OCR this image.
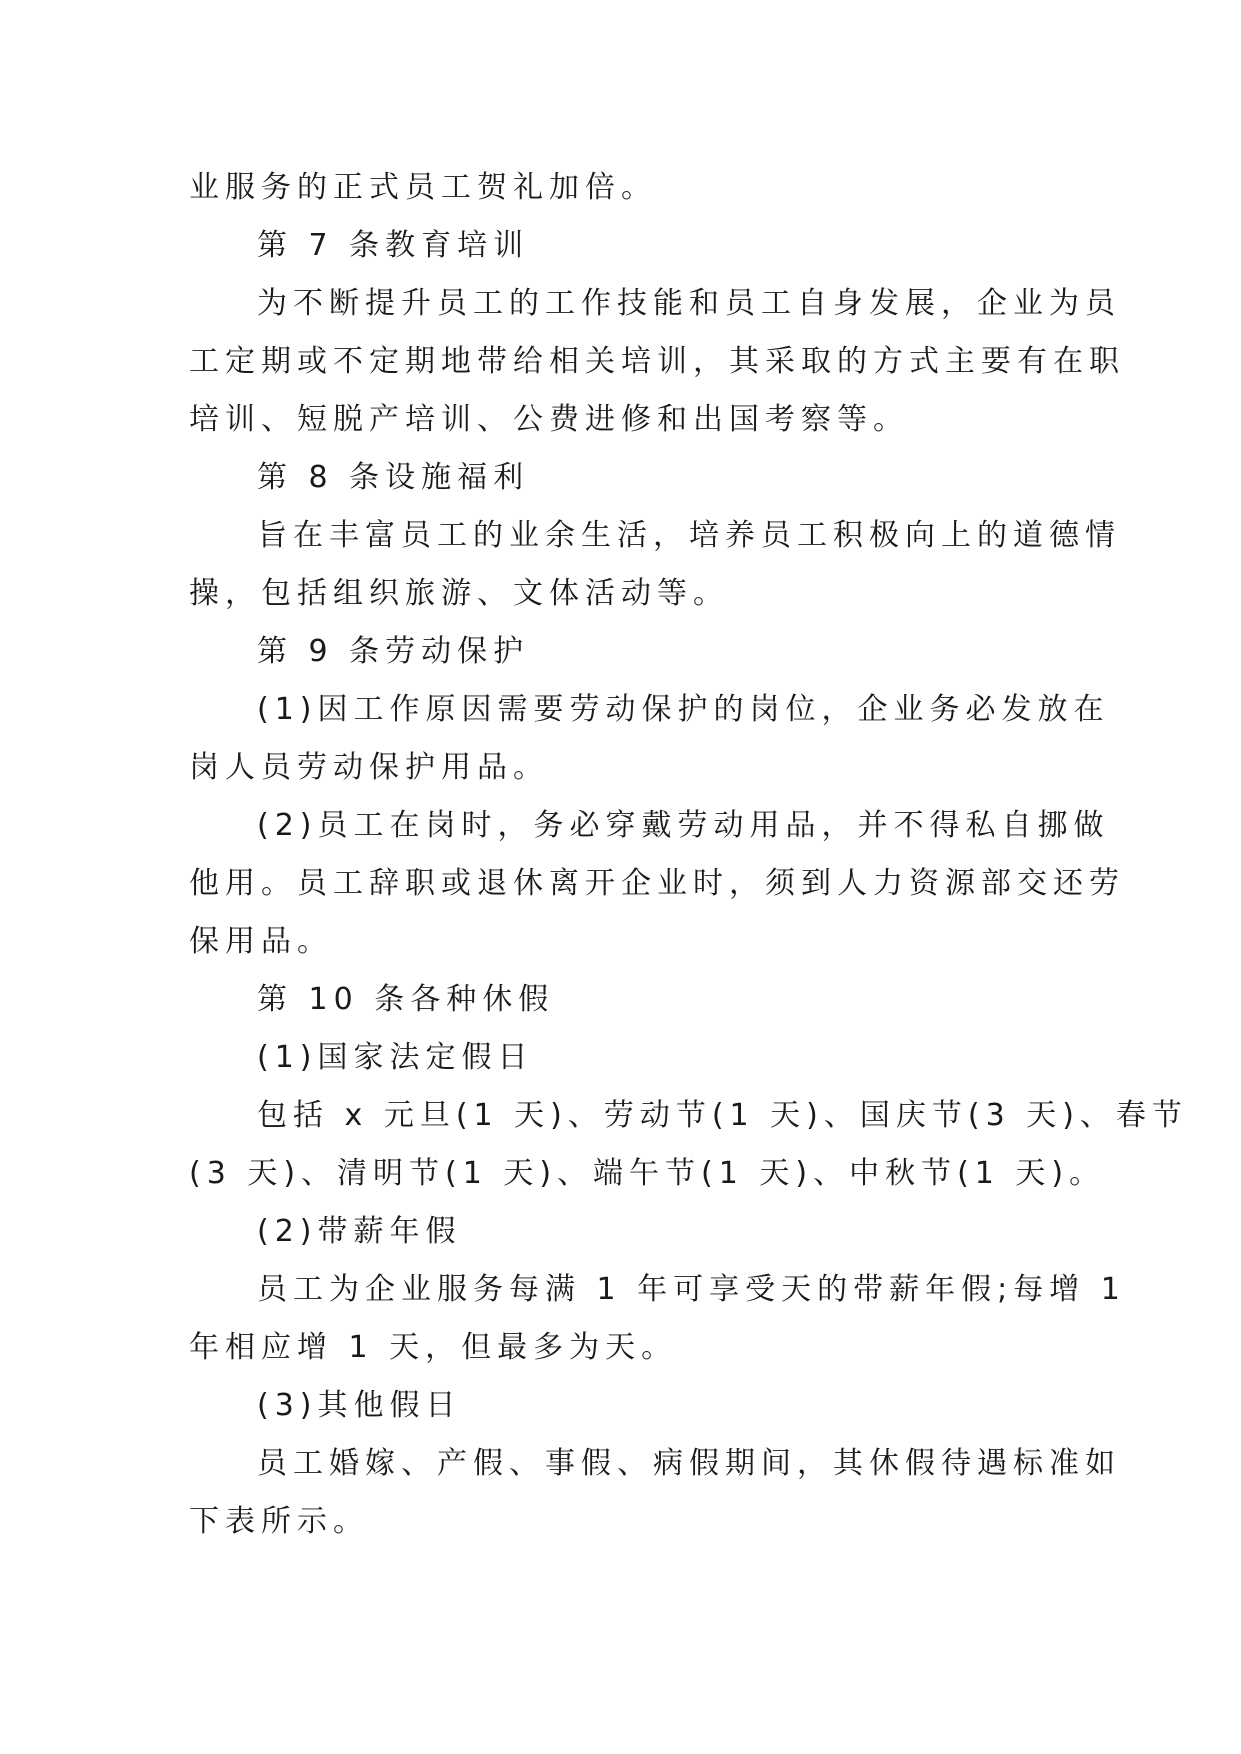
业服务的正式员工贺礼加倍。
第 7 条教育培训
为不断提升员工的工作技能和员工自身发展，企业为员
工定期或不定期地带给相关培训，其采取的方式主要有在职
培训、短脱产培训、公费进修和出国考察等。
第 8 条设施福利
旨在丰富员工的业余生活，培养员工积极向上的道德情
操，包括组织旅游、文体活动等。
第 9 条劳动保护
(1)因工作原因需要劳动保护的岗位，企业务必发放在
岗人员劳动保护用品。
(2)员工在岗时，务必穿戴劳动用品，并不得私自挪做
他用。员工辞职或退休离开企业时，须到人力资源部交还劳
保用品。
第 10 条各种休假
(1)国家法定假日
包括 x 元旦(1 天)、劳动节(1 天)、国庆节(3 天)、春节
(3 天)、清明节(1 天)、端午节(1 天)、中秋节(1 天)。
(2)带薪年假
员工为企业服务每满 1 年可享受天的带薪年假;每增 1
年相应增 1 天，但最多为天。
(3)其他假日
员工婚嫁、产假、事假、病假期间，其休假待遇标准如
下表所示。
